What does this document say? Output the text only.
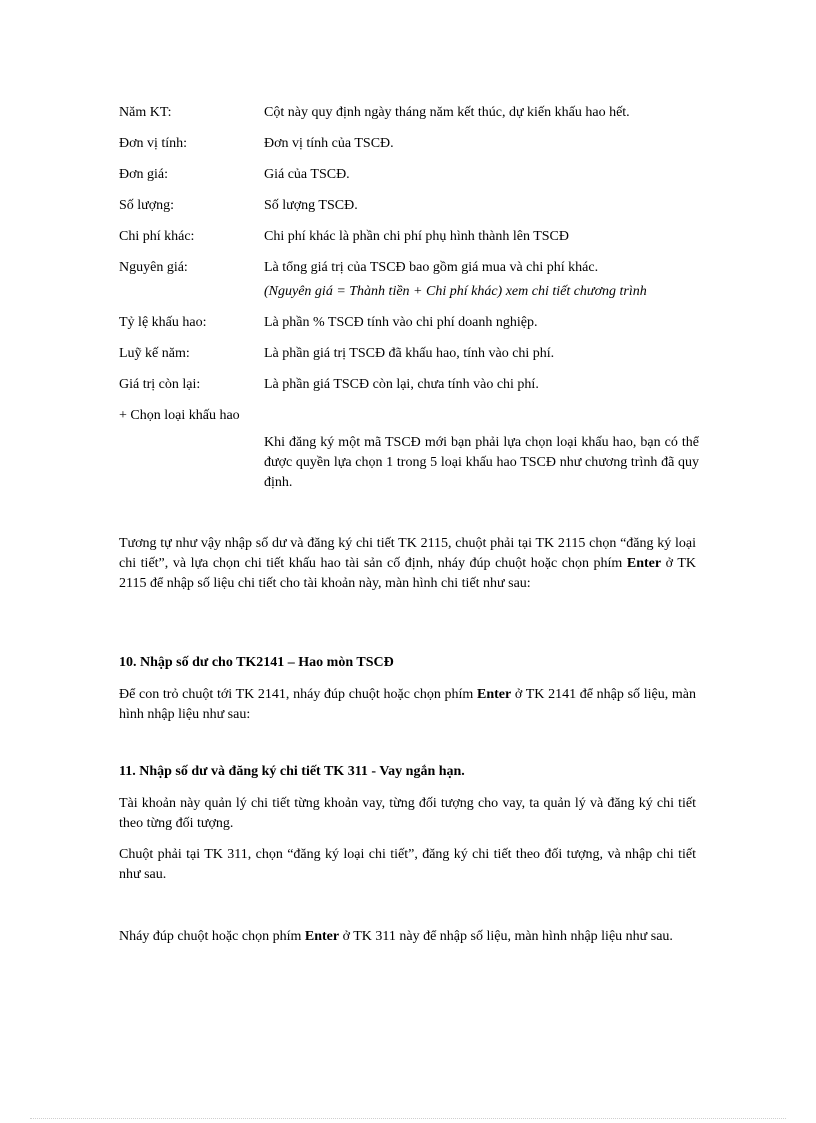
Năm KT:	Cột này quy định ngày tháng năm kết thúc, dự kiến khấu hao hết.
Đơn vị tính:	Đơn vị tính của TSCĐ.
Đơn giá:	Giá của TSCĐ.
Số lượng:	Số lượng TSCĐ.
Chi phí khác:	Chi phí khác là phần chi phí phụ hình thành lên TSCĐ
Nguyên giá:	Là tổng giá trị của TSCĐ bao gồm giá mua và chi phí khác.
(Nguyên giá = Thành tiền + Chi phí khác) xem chi tiết chương trình
Tỷ lệ khấu hao:	Là phần % TSCĐ tính vào chi phí doanh nghiệp.
Luỹ kế năm:	Là phần giá trị TSCĐ đã khấu hao, tính vào chi phí.
Giá trị còn lại:	Là phần giá TSCĐ còn lại, chưa tính vào chi phí.
+ Chọn loại khấu hao
Khi đăng ký một mã TSCĐ mới bạn phải lựa chọn loại khấu hao, bạn có thể được quyền lựa chọn 1 trong 5 loại khấu hao TSCĐ như chương trình đã quy định.

Tương tự như vậy nhập số dư và đăng ký chi tiết TK 2115, chuột phải tại TK 2115 chọn “đăng ký loại chi tiết”, và lựa chọn chi tiết khấu hao tài sản cố định, nháy đúp chuột hoặc chọn phím Enter ở TK 2115 để nhập số liệu chi tiết cho tài khoản này, màn hình chi tiết như sau:

10. Nhập số dư cho TK2141 – Hao mòn TSCĐ

Để con trỏ chuột tới TK 2141, nháy đúp chuột hoặc chọn phím Enter ở TK 2141 để nhập số liệu, màn hình nhập liệu như sau:

11. Nhập số dư và đăng ký chi tiết TK 311 - Vay ngắn hạn.

Tài khoản này quản lý chi tiết từng khoản vay, từng đối tượng cho vay, ta quản lý và đăng ký chi tiết theo từng đối tượng.

Chuột phải tại TK 311, chọn “đăng ký loại chi tiết”, đăng ký chi tiết theo đối tượng, và nhập chi tiết như sau.

Nháy đúp chuột hoặc chọn phím Enter ở TK 311 này để nhập số liệu, màn hình nhập liệu như sau.
